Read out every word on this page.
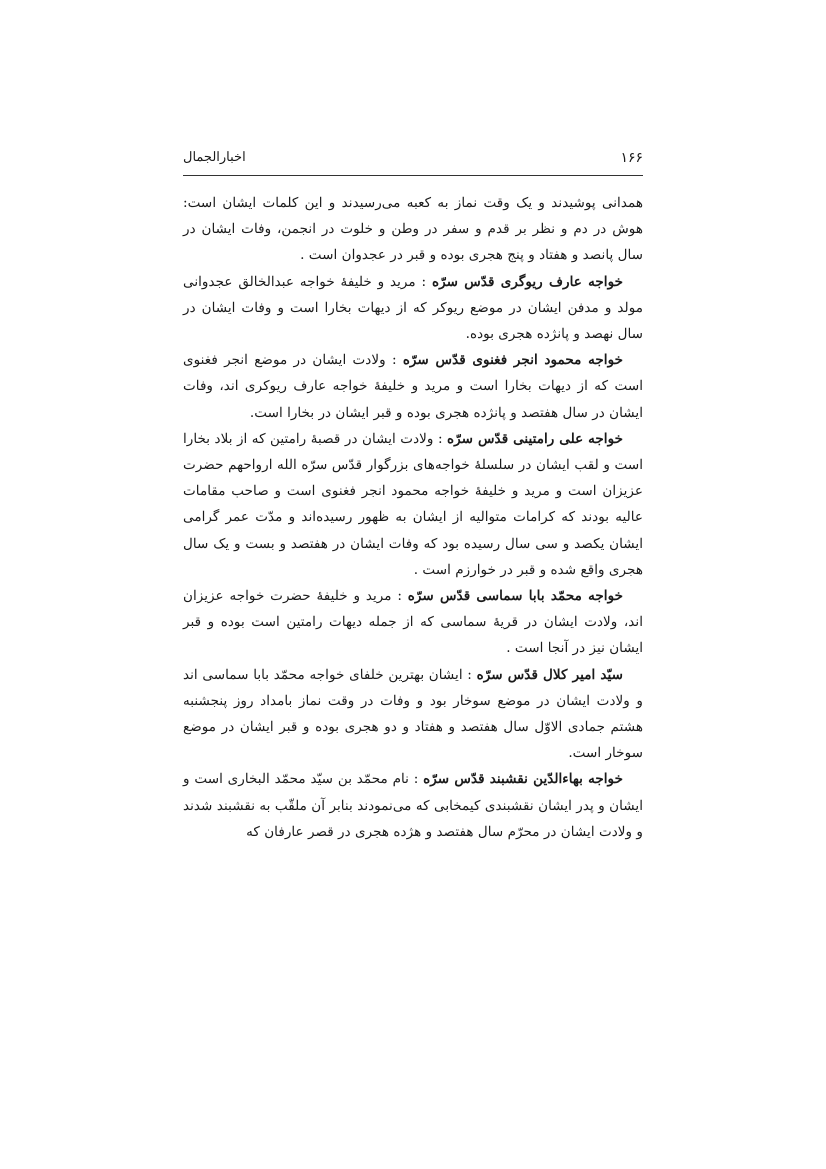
۱۶۶
اخبارالجمال

همدانی پوشیدند و یک وقت نماز به کعبه می‌رسیدند و این کلمات ایشان است: هوش در دم و نظر بر قدم و سفر در وطن و خلوت در انجمن، وفات ایشان در سال پانصد و هفتاد و پنج هجری بوده و قبر در عجدوان است .

خواجه عارف ریوگری قدّس سرّه : مرید و خلیفهٔ خواجه عبدالخالق عجدوانی مولد و مدفن ایشان در موضع ریوکر که از دیهات بخارا است و وفات ایشان در سال نهصد و پانژده هجری بوده.

خواجه محمود انجر فغنوی قدّس سرّه : ولادت ایشان در موضع انجر فغنوی است که از دیهات بخارا است و مرید و خلیفهٔ خواجه عارف ریوکری اند، وفات ایشان در سال هفتصد و پانژده هجری بوده و قبر ایشان در بخارا است.

خواجه علی رامتینی قدّس سرّه : ولادت ایشان در قصبهٔ رامتین که از بلاد بخارا است و لقب ایشان در سلسلهٔ خواجه‌های بزرگوار قدّس سرّه الله ارواحهم حضرت عزیزان است و مرید و خلیفهٔ خواجه محمود انجر فغنوی است و صاحب مقامات عالیه بودند که کرامات متوالیه از ایشان به ظهور رسیده‌اند و مدّت عمر گرامی ایشان یکصد و سی سال رسیده بود که وفات ایشان در هفتصد و بست و یک سال هجری واقع شده و قبر در خوارزم است .

خواجه محمّد بابا سماسی قدّس سرّه : مرید و خلیفهٔ حضرت خواجه عزیزان اند، ولادت ایشان در قریهٔ سماسی که از جمله دیهات رامتین است بوده و قبر ایشان نیز در آنجا است .

سیّد امیر کلال قدّس سرّه : ایشان بهترین خلفای خواجه محمّد بابا سماسی اند و ولادت ایشان در موضع سوخار بود و وفات در وقت نماز بامداد روز پنجشنبه هشتم جمادی الاوّل سال هفتصد و هفتاد و دو هجری بوده و قبر ایشان در موضع سوخار است.

خواجه بهاءالدّین نقشبند قدّس سرّه : نام محمّد بن سیّد محمّد البخاری است و ایشان و پدر ایشان نقشبندی کیمخابی که می‌نمودند بنابر آن ملقّب به نقشبند شدند و ولادت ایشان در محرّم سال هفتصد و هژده هجری در قصر عارفان که
